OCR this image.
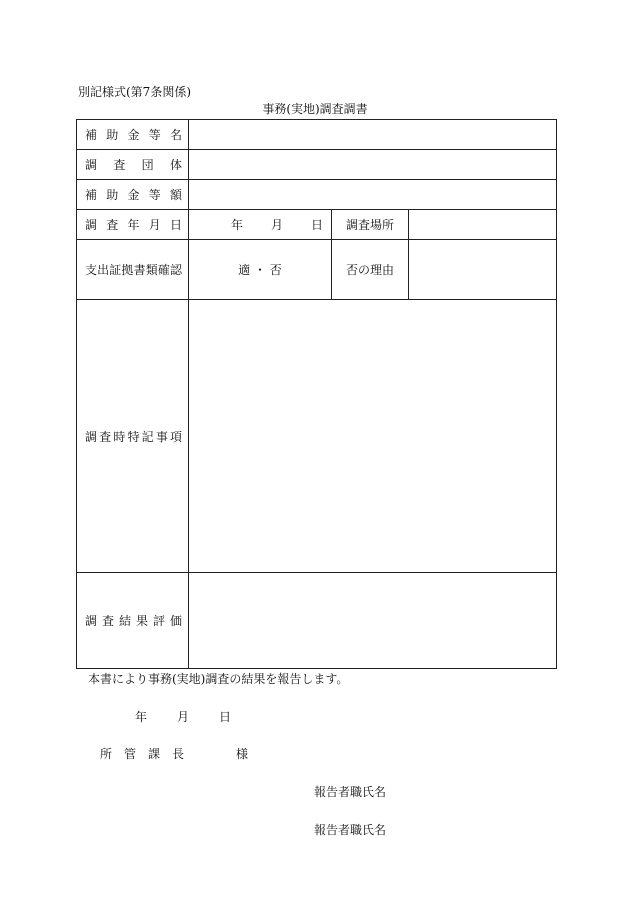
別記様式(第7条関係)
事務(実地)調査調書
補助金等名			
調査団体			
補助金等額			
調査年月日	年 月 日	調査場所	
支出証拠書類確認	適 ・ 否	否の理由	
調査時特記事項			
調査結果評価			
本書により事務(実地)調査の結果を報告します。
年	月	日
所管課長	様
報告者職氏名
報告者職氏名
